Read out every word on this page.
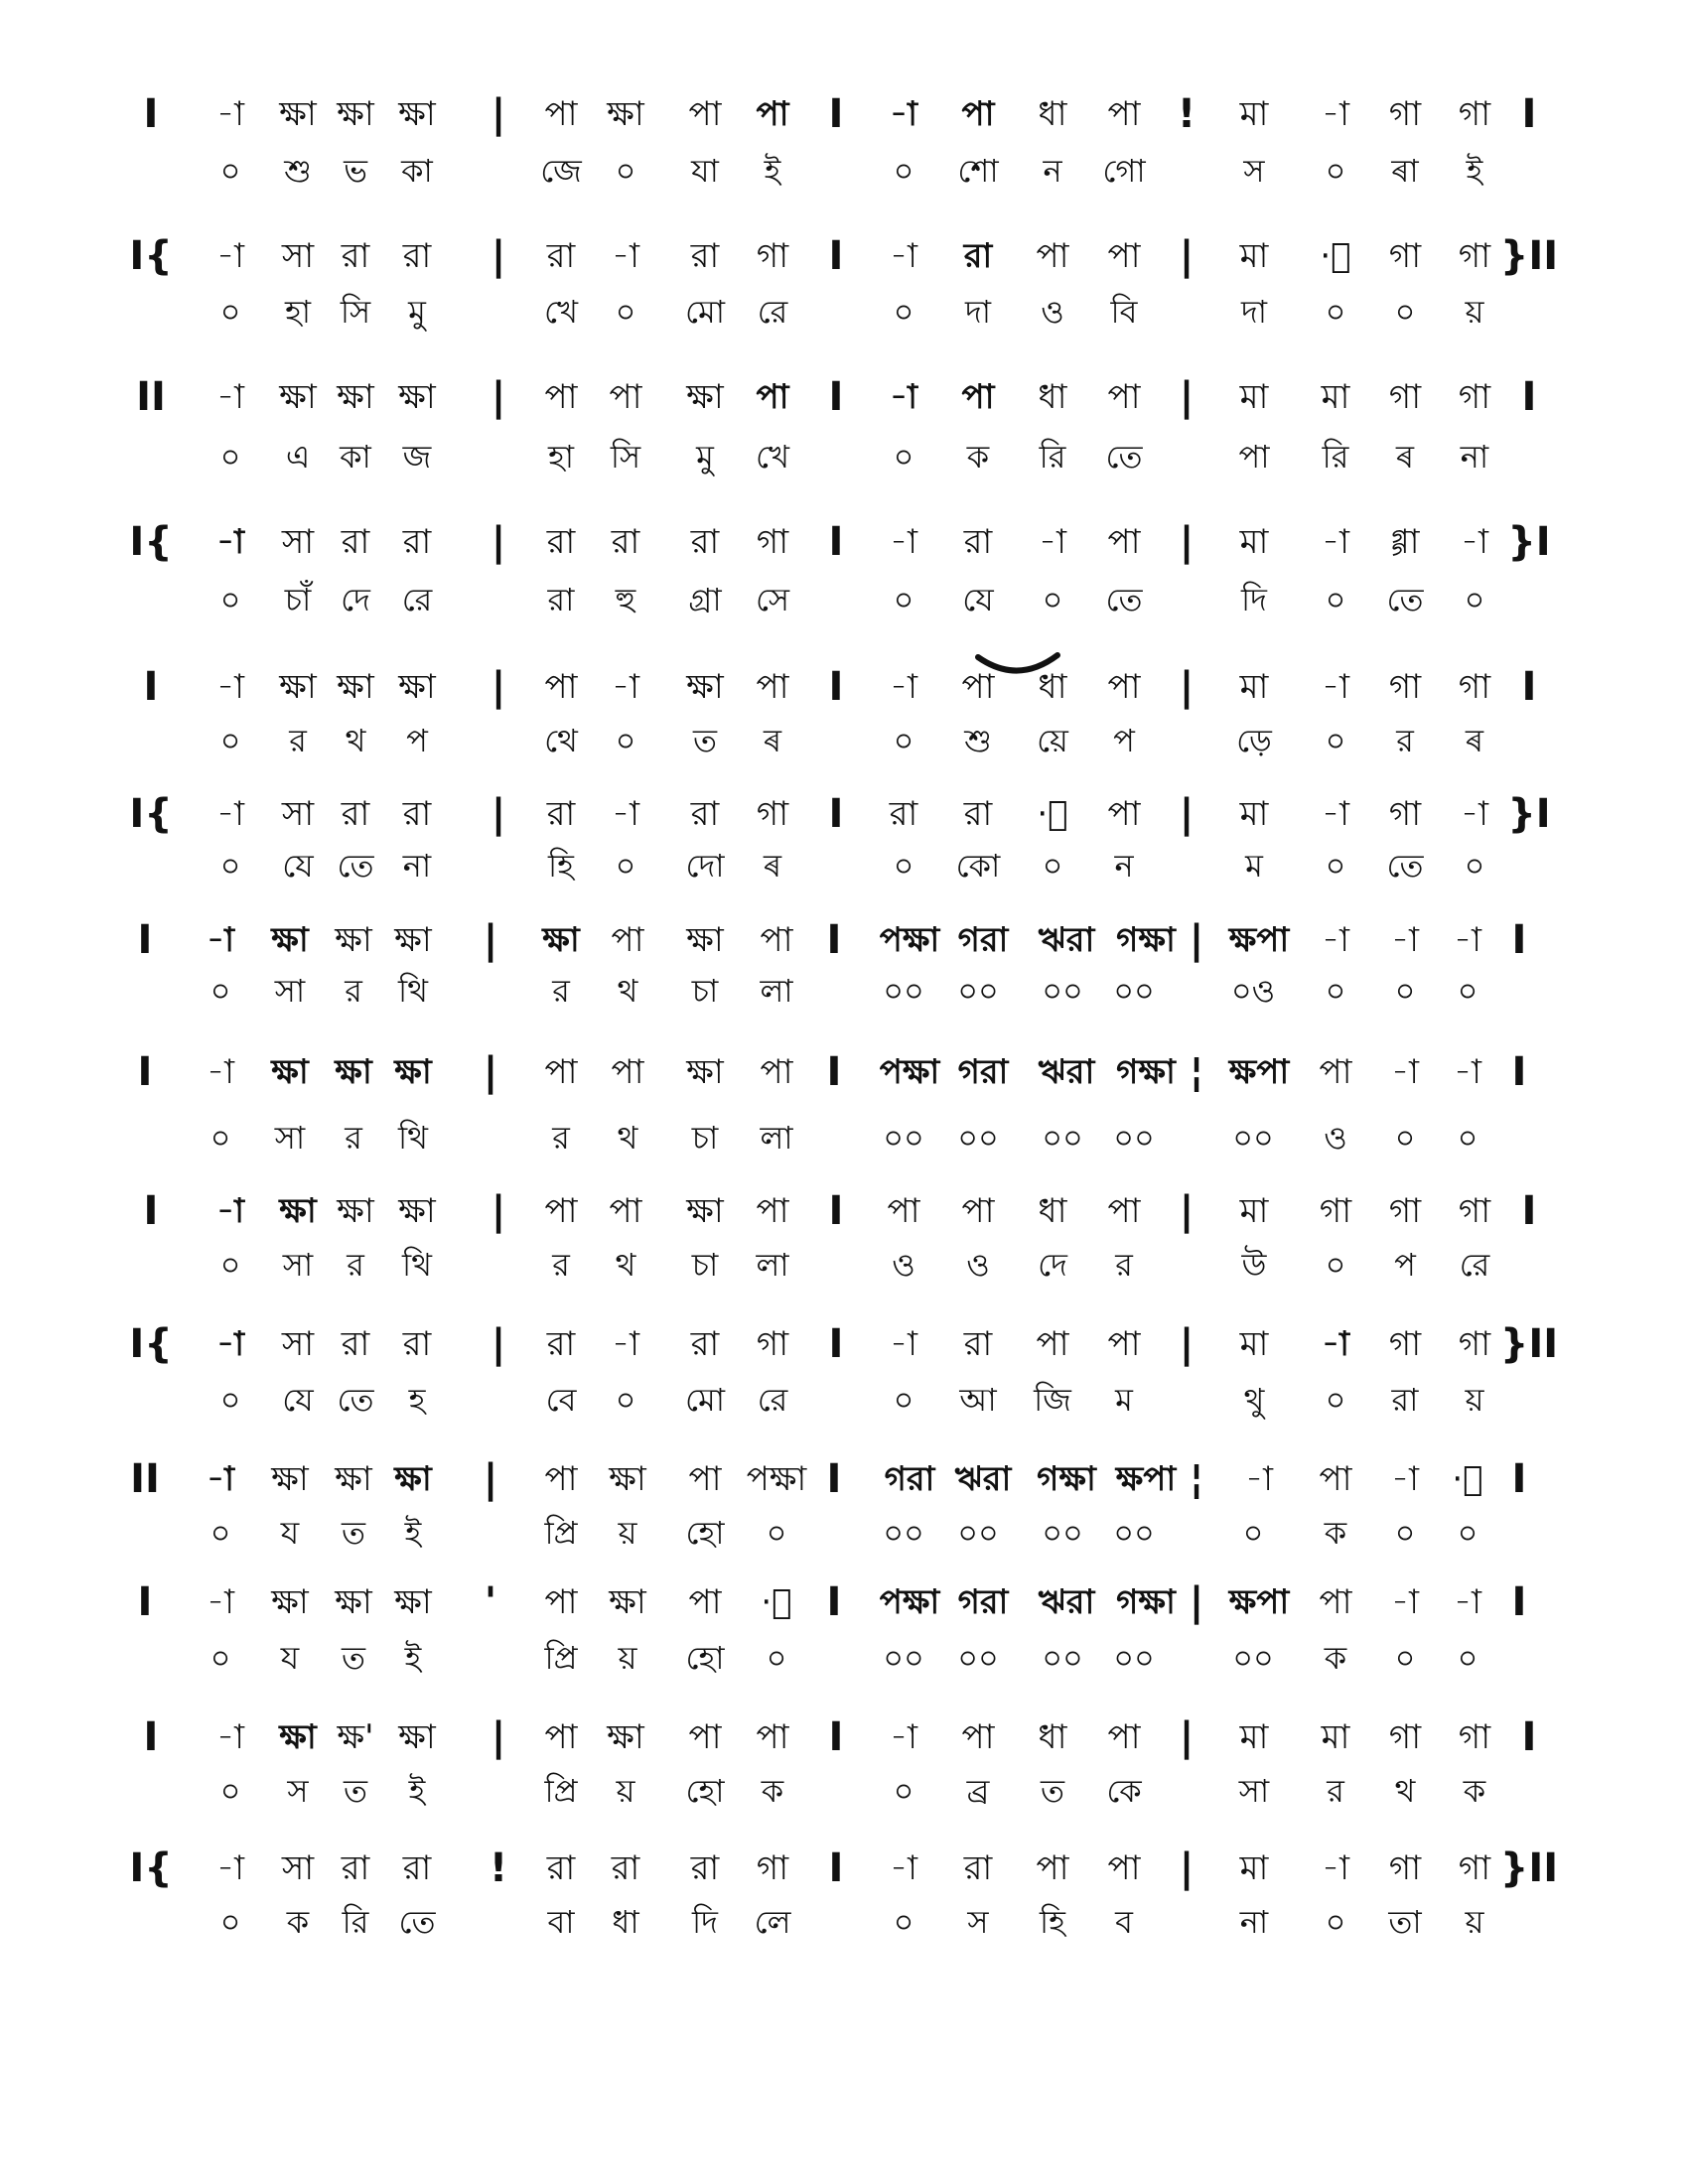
I -া ক্ষা ক্ষা ক্ষা | পা ক্ষা পা পা I -া পা ধা পা ! মা -া গা গা I
০ শু ভ কা	জে ০ যা ই	০ শো ন গো	স ০ ৰা ই
I{ -া সা রা রা | রা -া রা গা I -া রা পা পা | মা ·া গা গা }II
০ হা সি মু	খে ০ মো রে	০ দা ও বি	দা ০ ০ য়
II -া ক্ষা ক্ষা ক্ষা | পা পা ক্ষা পা I -া পা ধা পা | মা মা গা গা I
০ এ কা জ	হা সি মু খে	০ ক রি তে	পা রি ৰ না
I{ -া সা রা রা | রা রা রা গা I -া রা -া পা | মা -া গ্গা -া }I
০ চাঁ দে রে	রা হু গ্রা সে	০ যে ০ তে	দি ০ তে ০
I -া ক্ষা ক্ষা ক্ষা | পা -া ক্ষা পা I -া পা ধা পা | মা -া গা গা I
০ র থ প	থে ০ ত ৰ	০ শু য়ে প	ড়ে ০ র ৰ
I{ -া সা রা রা | রা -া রা গা I রা রা ·া পা | মা -া গা -া }I
০ যে তে না	হি ০ দো ৰ	০ কো ০ ন	ম ০ তে ০
I -া ক্ষা ক্ষা ক্ষা | ক্ষা পা ক্ষা পা I পক্ষা গরা ঋরা গক্ষা | ক্ষপা -া -া -া I
০ সা র থি	র থ চা লা	০০ ০০ ০০ ০০ ০ও ০ ০ ০
I -া ক্ষা ক্ষা ক্ষা | পা পা ক্ষা পা I পক্ষা গরা ঋরা গক্ষা ¦ ক্ষপা পা -া -া I
০ সা র থি	র থ চা লা	০০ ০০ ০০ ০০ ০০ ও ০ ০
I -া ক্ষা ক্ষা ক্ষা | পা পা ক্ষা পা I পা পা ধা পা | মা গা গা গা I
০ সা র থি	র থ চা লা	ও ও দে র	উ ০ প রে
I{ -া সা রা রা | রা -া রা গা I -া রা পা পা | মা -া গা গা }II
০ যে তে হ	বে ০ মো রে	০ আ জি ম	থু ০ রা য়
II -া ক্ষা ক্ষা ক্ষা | পা ক্ষা পা পক্ষা I গরা ঋরা গক্ষা ক্ষপা ¦ -া পা -া ·া I
০ য ত ই	প্রি য় হো ০	০০ ০০ ০০ ০০	০ ক ০ ০
I -া ক্ষা ক্ষা ক্ষা ' পা ক্ষা পা ·া I পক্ষা গরা ঋরা গক্ষা | ক্ষপা পা -া -া I
০ য ত ই	প্রি য় হো ০	০০ ০০ ০০ ০০ ০০ ক ০ ০
I -া ক্ষা ক্ষ' ক্ষা | পা ক্ষা পা পা I -া পা ধা পা | মা মা গা গা I
০ স ত ই	প্রি য় হো ক	০ ব্র ত কে	সা র থ ক
I{ -া সা রা রা ! রা রা রা গা I -া রা পা পা | মা -া গা গা }II
০ ক রি তে	বা ধা দি লে	০ স হি ব	না ০ তা য়
